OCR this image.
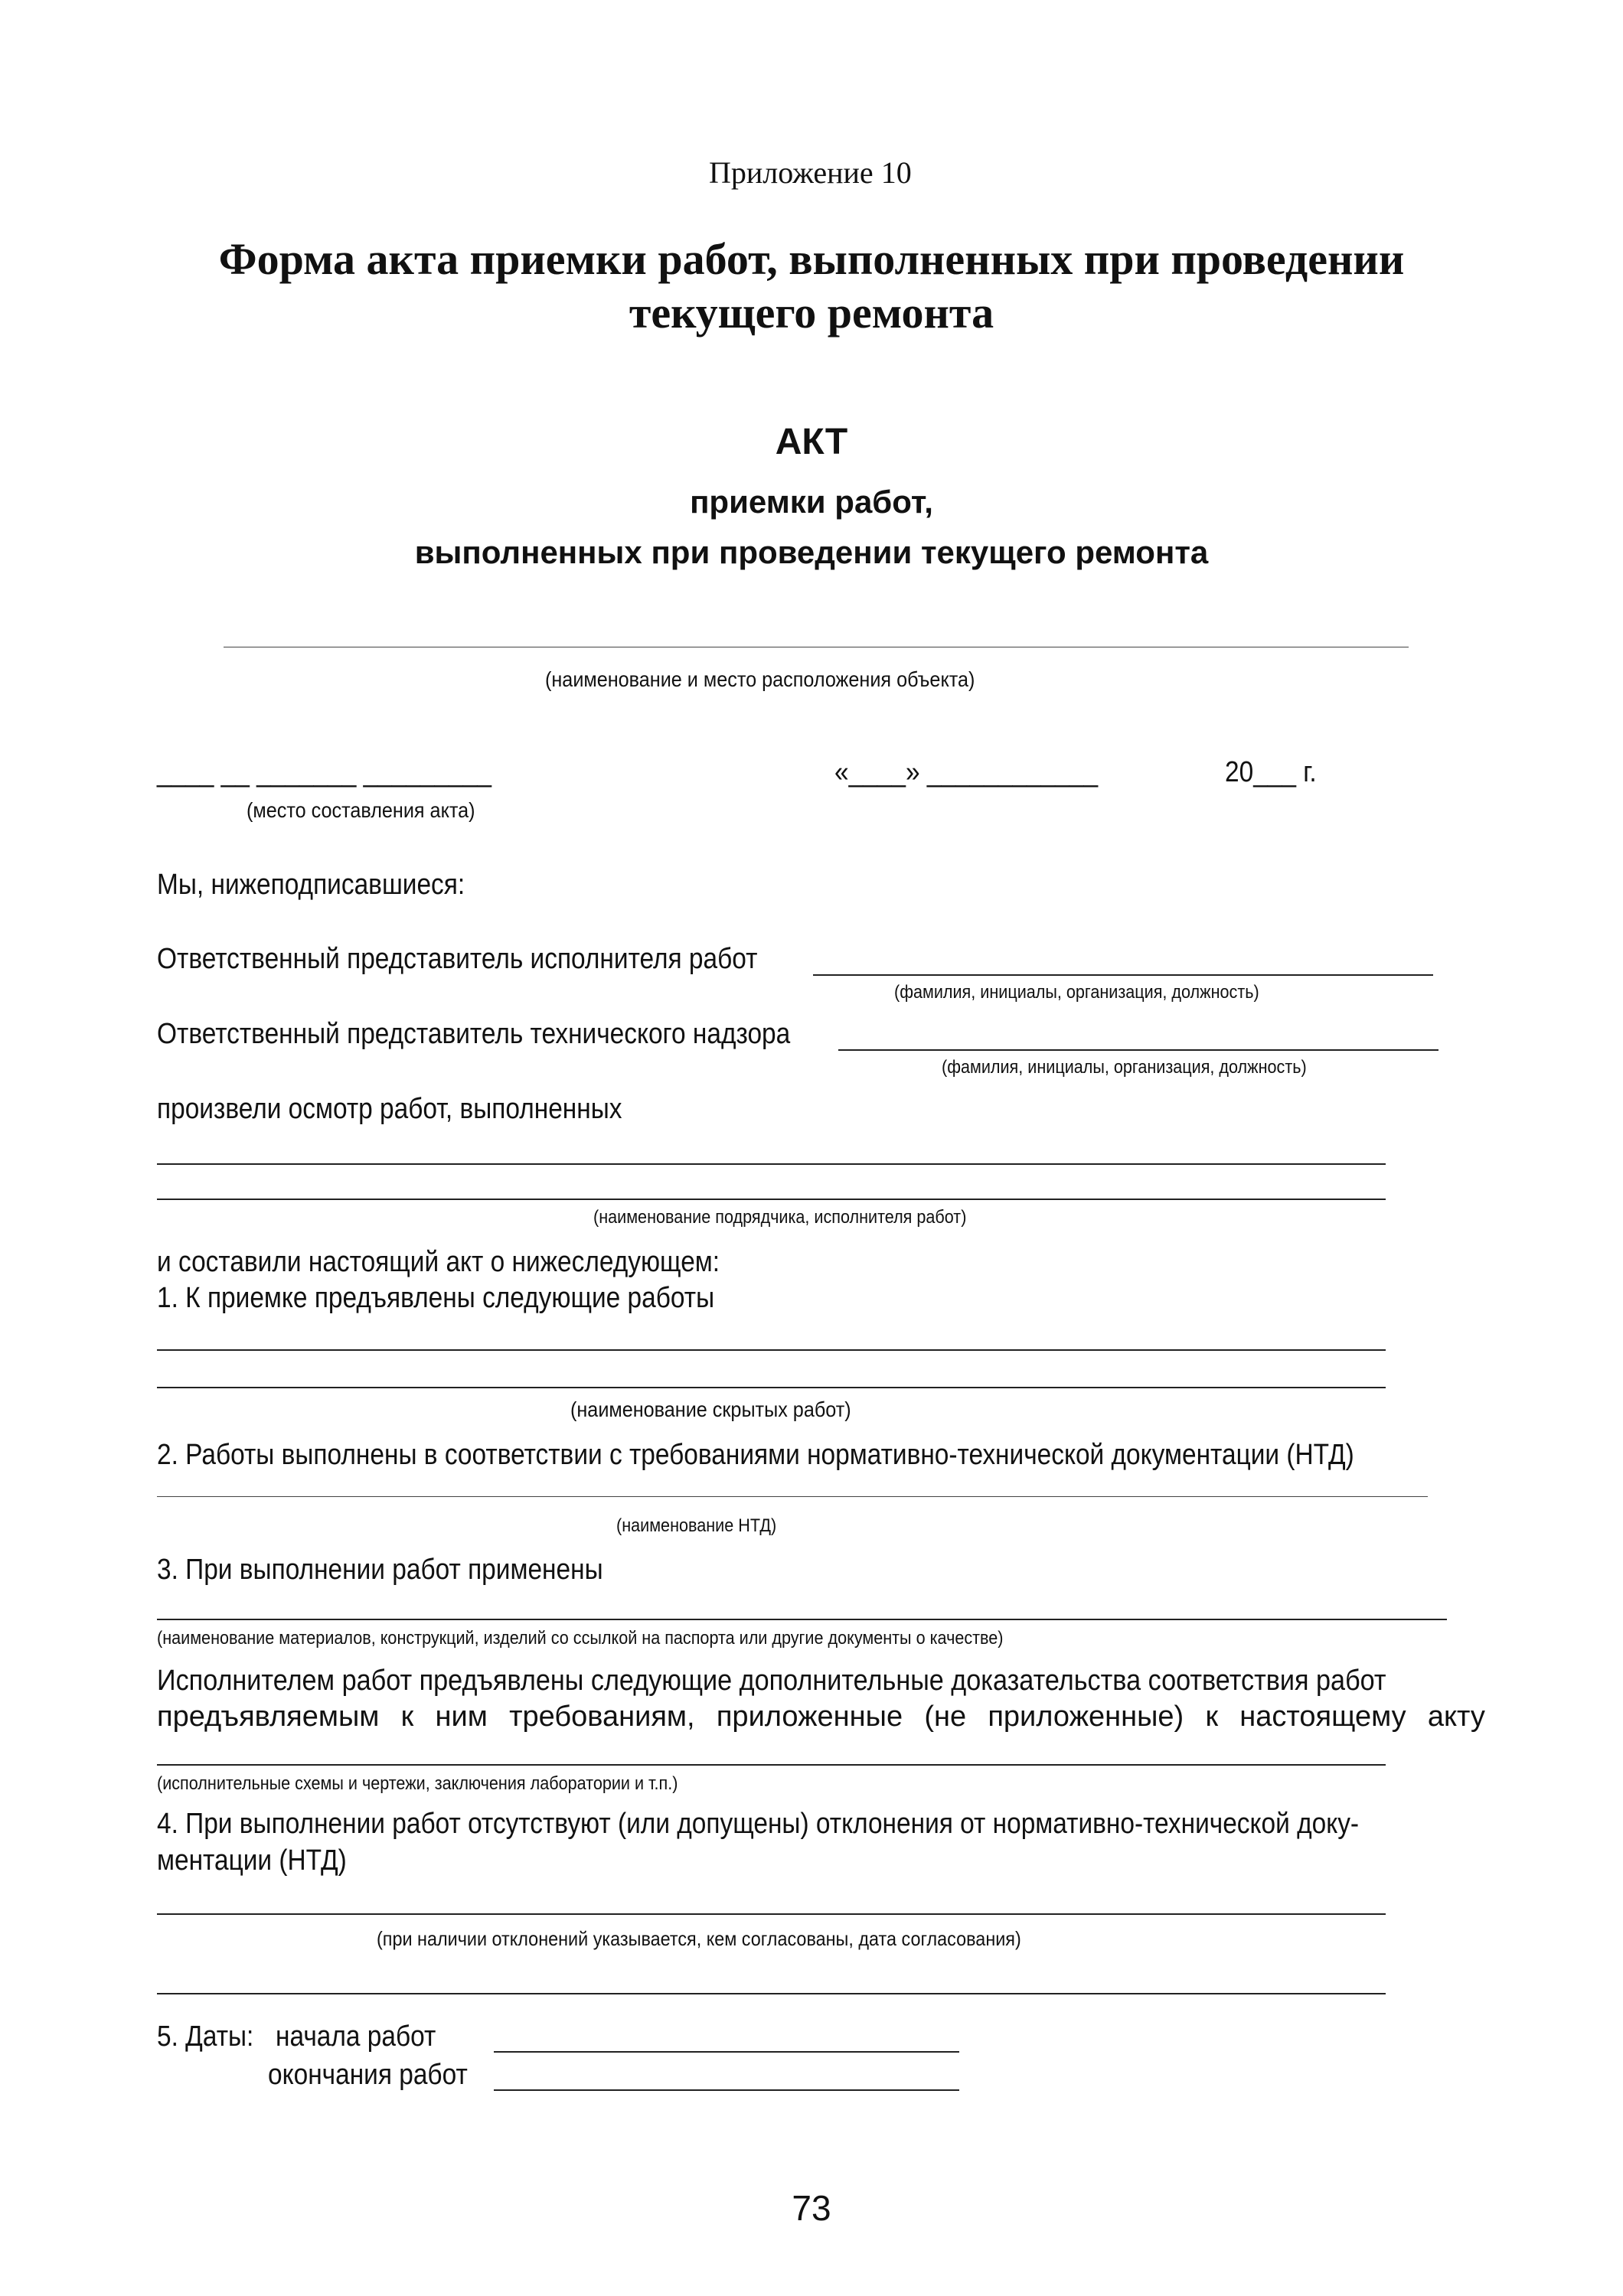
Приложение 10
Форма акта приемки работ, выполненных при проведении
текущего ремонта
АКТ
приемки работ,
выполненных при проведении текущего ремонта
(наименование и место расположения объекта)
____ __ _______ _________	«____» ____________	20___ г.
(место составления акта)
Мы, нижеподписавшиеся:
Ответственный представитель исполнителя работ
(фамилия, инициалы, организация, должность)
Ответственный представитель технического надзора
(фамилия, инициалы, организация, должность)
произвели осмотр работ, выполненных
(наименование подрядчика, исполнителя работ)
и составили настоящий акт о нижеследующем:
1. К приемке предъявлены следующие работы
(наименование скрытых работ)
2. Работы выполнены в соответствии с требованиями нормативно-технической документации (НТД)
(наименование НТД)
3. При выполнении работ применены
(наименование материалов, конструкций, изделий со ссылкой на паспорта или другие документы о качестве)
Исполнителем работ предъявлены следующие дополнительные доказательства соответствия работ
предъявляемым к ним требованиям, приложенные (не приложенные) к настоящему акту
(исполнительные схемы и чертежи, заключения лаборатории и т.п.)
4. При выполнении работ отсутствуют (или допущены) отклонения от нормативно-технической доку-
ментации (НТД)
(при наличии отклонений указывается, кем согласованы, дата согласования)
5. Даты: начала работ
окончания работ
73
